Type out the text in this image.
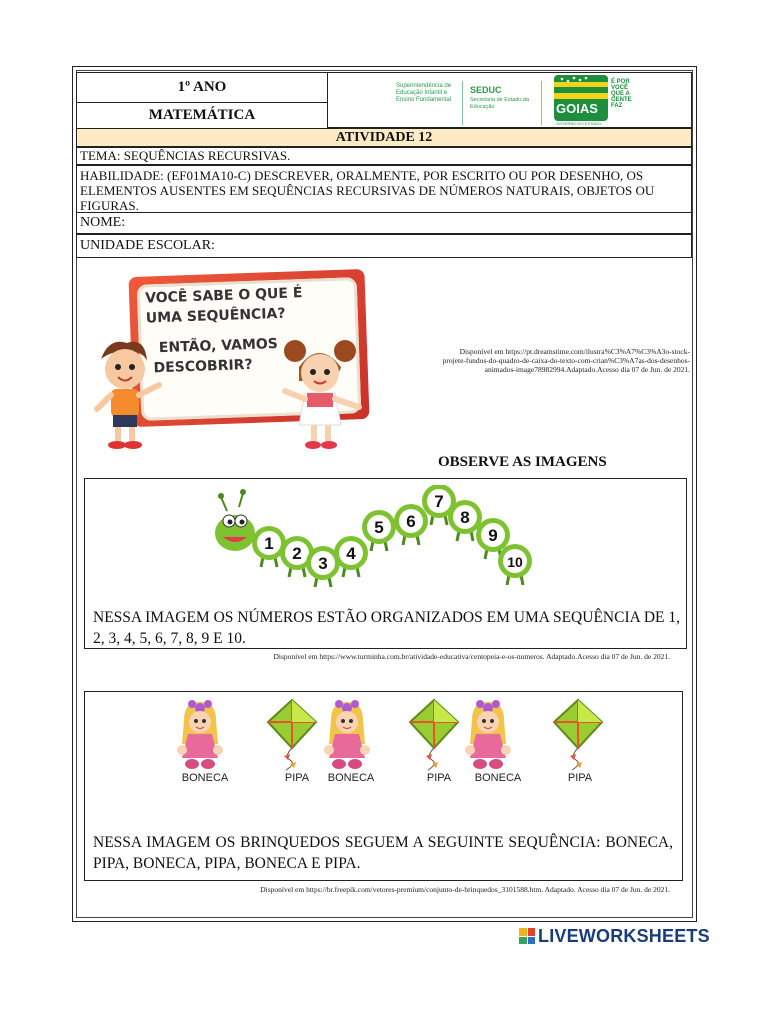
1º ANO
MATEMÁTICA
Superintendência de Educação Infantil e Ensino Fundamental
SEDUC
Secretaria de Estado da Educação	GOIAS
É POR VOCÊ QUE A GENTE FAZ
GOVERNO DO ESTADO
ATIVIDADE 12
TEMA: SEQUÊNCIAS RECURSIVAS.
HABILIDADE: (EF01MA10-C) DESCREVER, ORALMENTE, POR ESCRITO OU POR DESENHO, OS ELEMENTOS AUSENTES EM SEQUÊNCIAS RECURSIVAS DE NÚMEROS NATURAIS, OBJETOS OU FIGURAS.
NOME:
UNIDADE ESCOLAR:
VOCÊ SABE O QUE É
UMA SEQUÊNCIA?
ENTÃO, VAMOS
DESCOBRIR?
Disponível em https://pt.dreamstime.com/ilustra%C3%A7%C3%A3o-stock-
projete-fundos-do-quadro-de-caixa-do-texto-com-crian%C3%A7as-dos-desenhos-
animados-image78982994.Adaptado.Acesso dia 07 de Jun. de 2021.
OBSERVE AS IMAGENS
1
2
3
4
5 6
7
8
9
10
NESSA IMAGEM OS NÚMEROS ESTÃO ORGANIZADOS EM UMA SEQUÊNCIA DE 1, 2, 3, 4, 5, 6, 7, 8, 9 E 10.
Disponível em https://www.turminha.com.br/atividade-educativa/centopeia-e-os-numeros. Adaptado.Acesso dia 07 de Jun. de 2021.
BONECA	PIPA	BONECA	PIPA	BONECA	PIPA
NESSA IMAGEM OS BRINQUEDOS SEGUEM A SEGUINTE SEQUÊNCIA: BONECA, PIPA, BONECA, PIPA, BONECA E PIPA.
Disponível em https://br.freepik.com/vetores-premium/conjunto-de-brinquedos_3101588.htm. Adaptado. Acesso dia 07 de Jun. de 2021.
LIVEWORKSHEETS
